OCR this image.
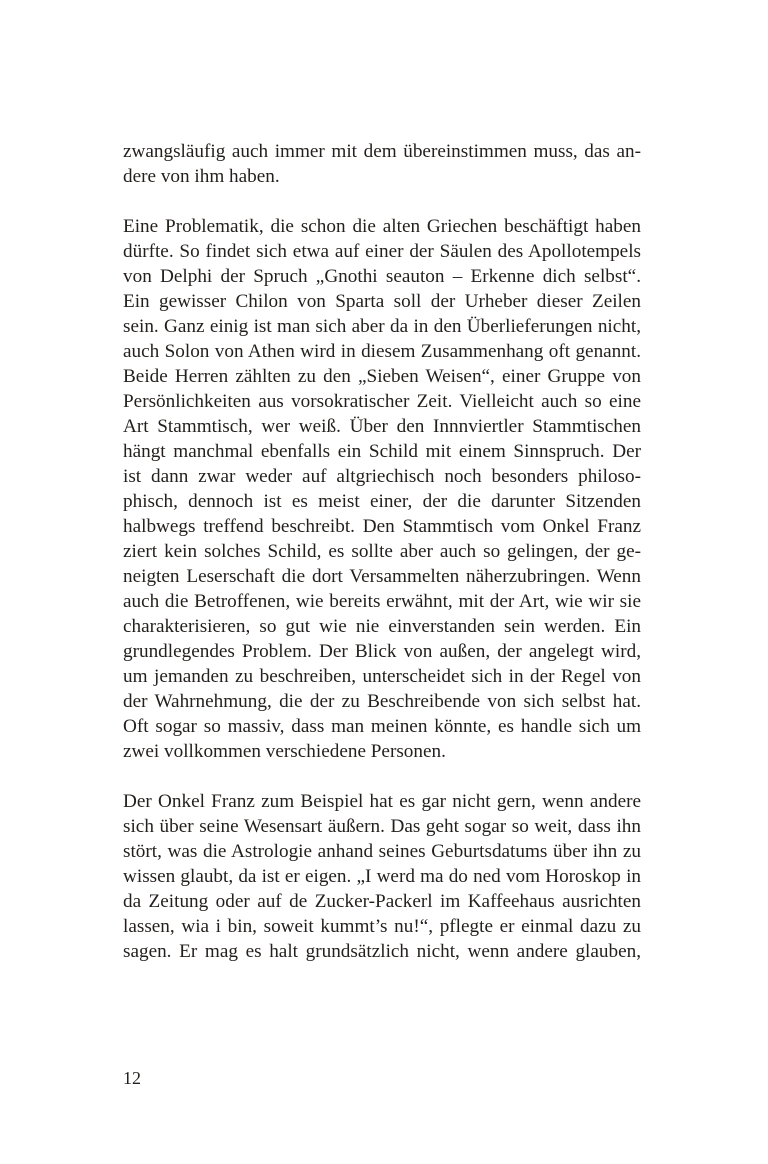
zwangsläufig auch immer mit dem übereinstimmen muss, das an-
dere von ihm haben.

Eine Problematik, die schon die alten Griechen beschäftigt haben
dürfte. So findet sich etwa auf einer der Säulen des Apollotempels
von Delphi der Spruch „Gnothi seauton – Erkenne dich selbst“.
Ein gewisser Chilon von Sparta soll der Urheber dieser Zeilen
sein. Ganz einig ist man sich aber da in den Überlieferungen nicht,
auch Solon von Athen wird in diesem Zusammenhang oft genannt.
Beide Herren zählten zu den „Sieben Weisen“, einer Gruppe von
Persönlichkeiten aus vorsokratischer Zeit. Vielleicht auch so eine
Art Stammtisch, wer weiß. Über den Innnviertler Stammtischen
hängt manchmal ebenfalls ein Schild mit einem Sinnspruch. Der
ist dann zwar weder auf altgriechisch noch besonders philoso-
phisch, dennoch ist es meist einer, der die darunter Sitzenden
halbwegs treffend beschreibt. Den Stammtisch vom Onkel Franz
ziert kein solches Schild, es sollte aber auch so gelingen, der ge-
neigten Leserschaft die dort Versammelten näherzubringen. Wenn
auch die Betroffenen, wie bereits erwähnt, mit der Art, wie wir sie
charakterisieren, so gut wie nie einverstanden sein werden. Ein
grundlegendes Problem. Der Blick von außen, der angelegt wird,
um jemanden zu beschreiben, unterscheidet sich in der Regel von
der Wahrnehmung, die der zu Beschreibende von sich selbst hat.
Oft sogar so massiv, dass man meinen könnte, es handle sich um
zwei vollkommen verschiedene Personen.

Der Onkel Franz zum Beispiel hat es gar nicht gern, wenn andere
sich über seine Wesensart äußern. Das geht sogar so weit, dass ihn
stört, was die Astrologie anhand seines Geburtsdatums über ihn zu
wissen glaubt, da ist er eigen. „I werd ma do ned vom Horoskop in
da Zeitung oder auf de Zucker-Packerl im Kaffeehaus ausrichten
lassen, wia i bin, soweit kummt’s nu!“, pflegte er einmal dazu zu
sagen. Er mag es halt grundsätzlich nicht, wenn andere glauben,

12
